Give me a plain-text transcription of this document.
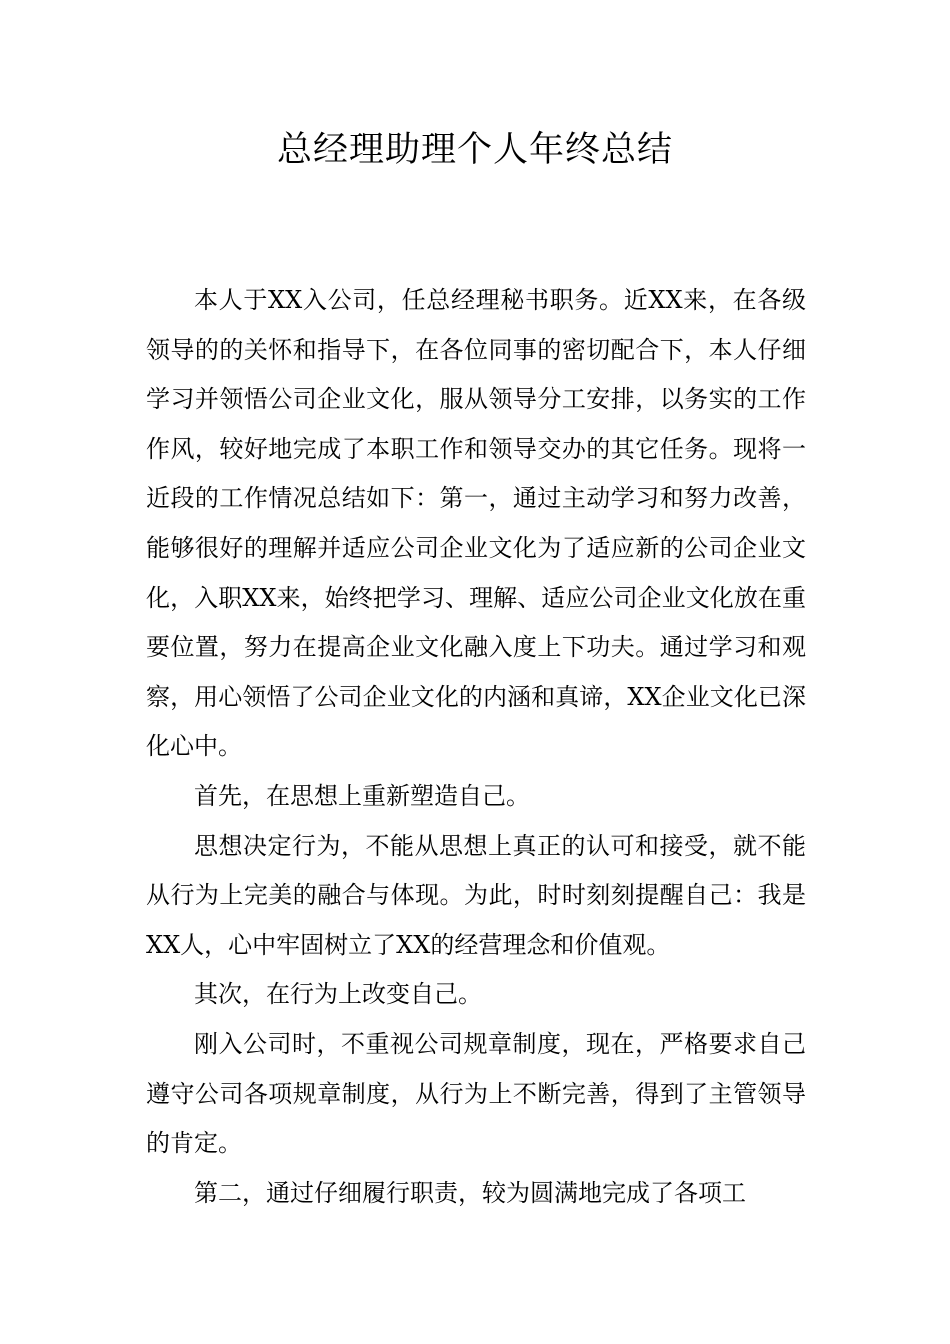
总经理助理个人年终总结

本人于XX入公司，任总经理秘书职务。近XX来，在各级领导的的关怀和指导下，在各位同事的密切配合下，本人仔细学习并领悟公司企业文化，服从领导分工安排，以务实的工作作风，较好地完成了本职工作和领导交办的其它任务。现将一近段的工作情况总结如下：第一，通过主动学习和努力改善，能够很好的理解并适应公司企业文化为了适应新的公司企业文化，入职XX来，始终把学习、理解、适应公司企业文化放在重要位置，努力在提高企业文化融入度上下功夫。通过学习和观察，用心领悟了公司企业文化的内涵和真谛，XX企业文化已深化心中。

首先，在思想上重新塑造自己。

思想决定行为，不能从思想上真正的认可和接受，就不能从行为上完美的融合与体现。为此，时时刻刻提醒自己：我是XX人，心中牢固树立了XX的经营理念和价值观。

其次，在行为上改变自己。

刚入公司时，不重视公司规章制度，现在，严格要求自己遵守公司各项规章制度，从行为上不断完善，得到了主管领导的肯定。

第二，通过仔细履行职责，较为圆满地完成了各项工
